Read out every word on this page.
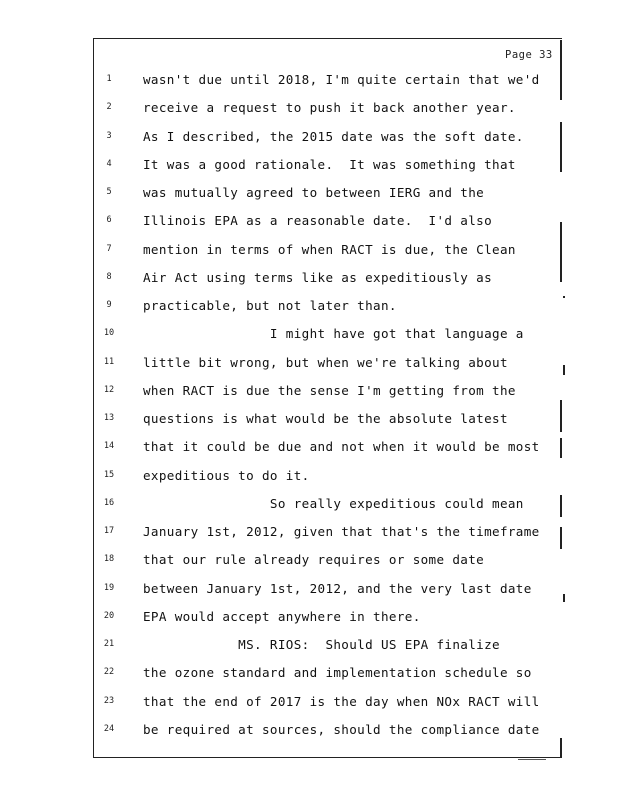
Page 33
1	wasn't due until 2018, I'm quite certain that we'd
2	receive a request to push it back another year.
3	As I described, the 2015 date was the soft date.
4	It was a good rationale.  It was something that
5	was mutually agreed to between IERG and the
6	Illinois EPA as a reasonable date.  I'd also
7	mention in terms of when RACT is due, the Clean
8	Air Act using terms like as expeditiously as
9	practicable, but not later than.
10	I might have got that language a
11	little bit wrong, but when we're talking about
12	when RACT is due the sense I'm getting from the
13	questions is what would be the absolute latest
14	that it could be due and not when it would be most
15	expeditious to do it.
16	So really expeditious could mean
17	January 1st, 2012, given that that's the timeframe
18	that our rule already requires or some date
19	between January 1st, 2012, and the very last date
20	EPA would accept anywhere in there.
21	MS. RIOS:  Should US EPA finalize
22	the ozone standard and implementation schedule so
23	that the end of 2017 is the day when NOx RACT will
24	be required at sources, should the compliance date
